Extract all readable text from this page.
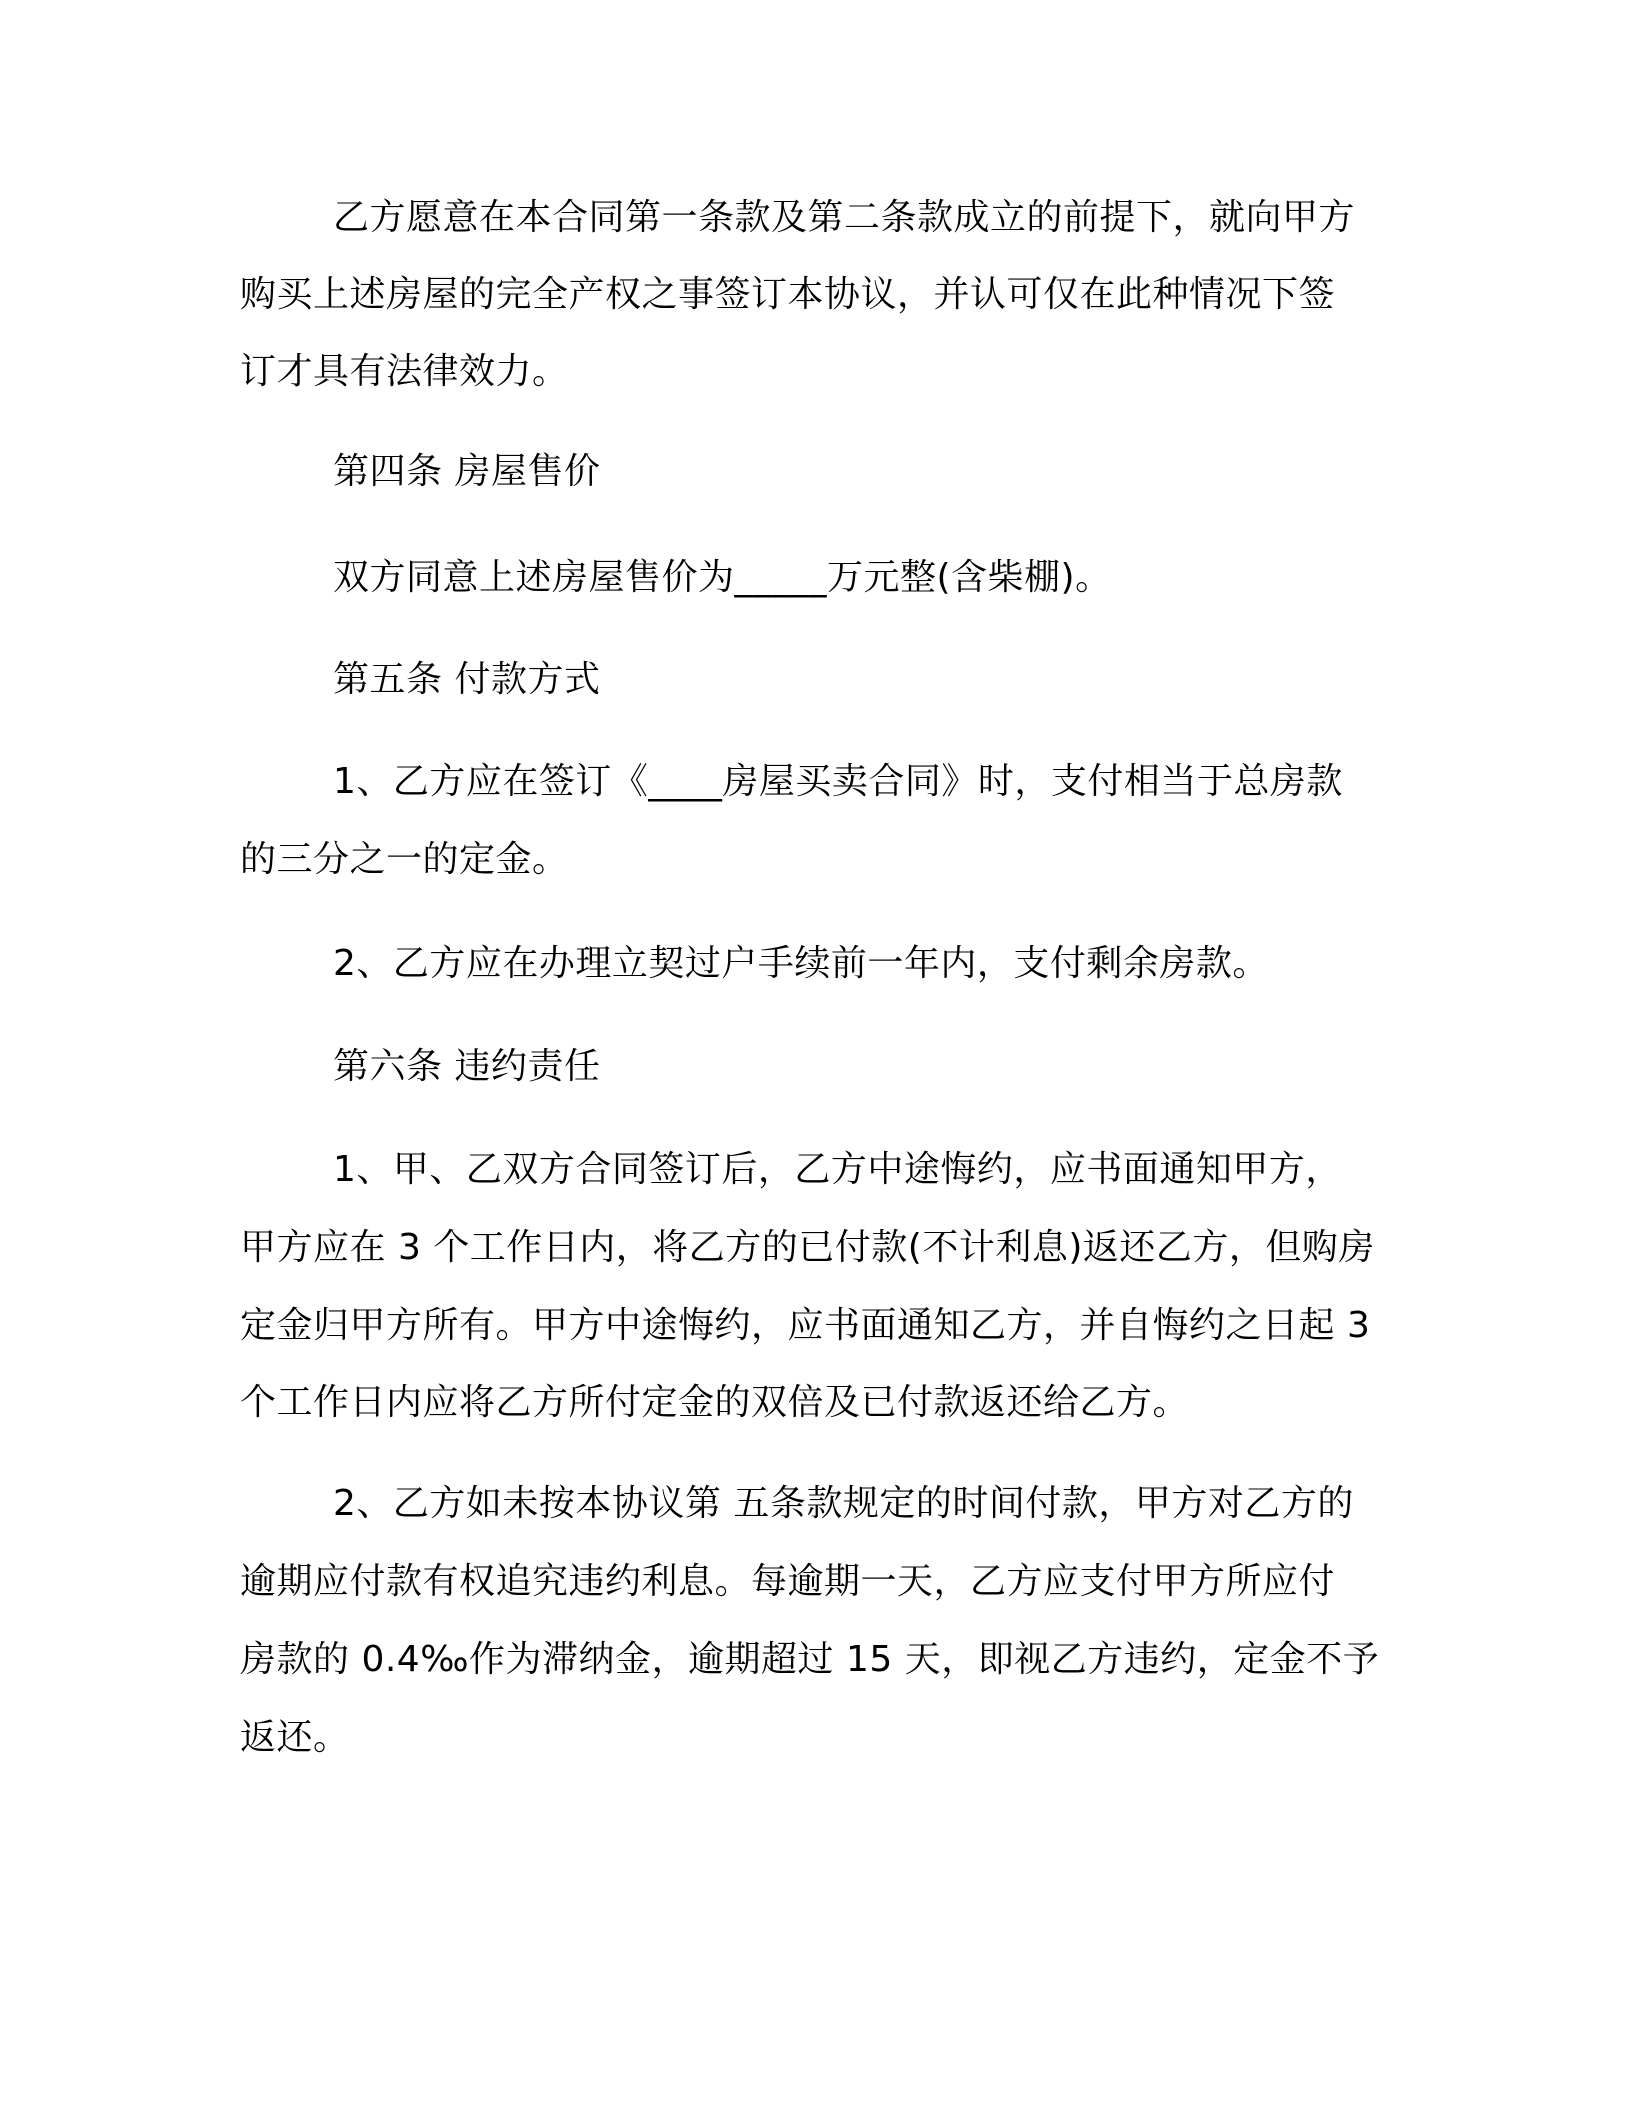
乙方愿意在本合同第一条款及第二条款成立的前提下，就向甲方
购买上述房屋的完全产权之事签订本协议，并认可仅在此种情况下签
订才具有法律效力。
第四条 房屋售价
双方同意上述房屋售价为_____万元整(含柴棚)。
第五条 付款方式
1、乙方应在签订《____房屋买卖合同》时，支付相当于总房款
的三分之一的定金。
2、乙方应在办理立契过户手续前一年内，支付剩余房款。
第六条 违约责任
1、甲、乙双方合同签订后，乙方中途悔约，应书面通知甲方，
甲方应在 3 个工作日内，将乙方的已付款(不计利息)返还乙方，但购房
定金归甲方所有。甲方中途悔约，应书面通知乙方，并自悔约之日起 3
个工作日内应将乙方所付定金的双倍及已付款返还给乙方。
2、乙方如未按本协议第 五条款规定的时间付款，甲方对乙方的
逾期应付款有权追究违约利息。每逾期一天，乙方应支付甲方所应付
房款的 0.4‰作为滞纳金，逾期超过 15 天，即视乙方违约，定金不予
返还。
